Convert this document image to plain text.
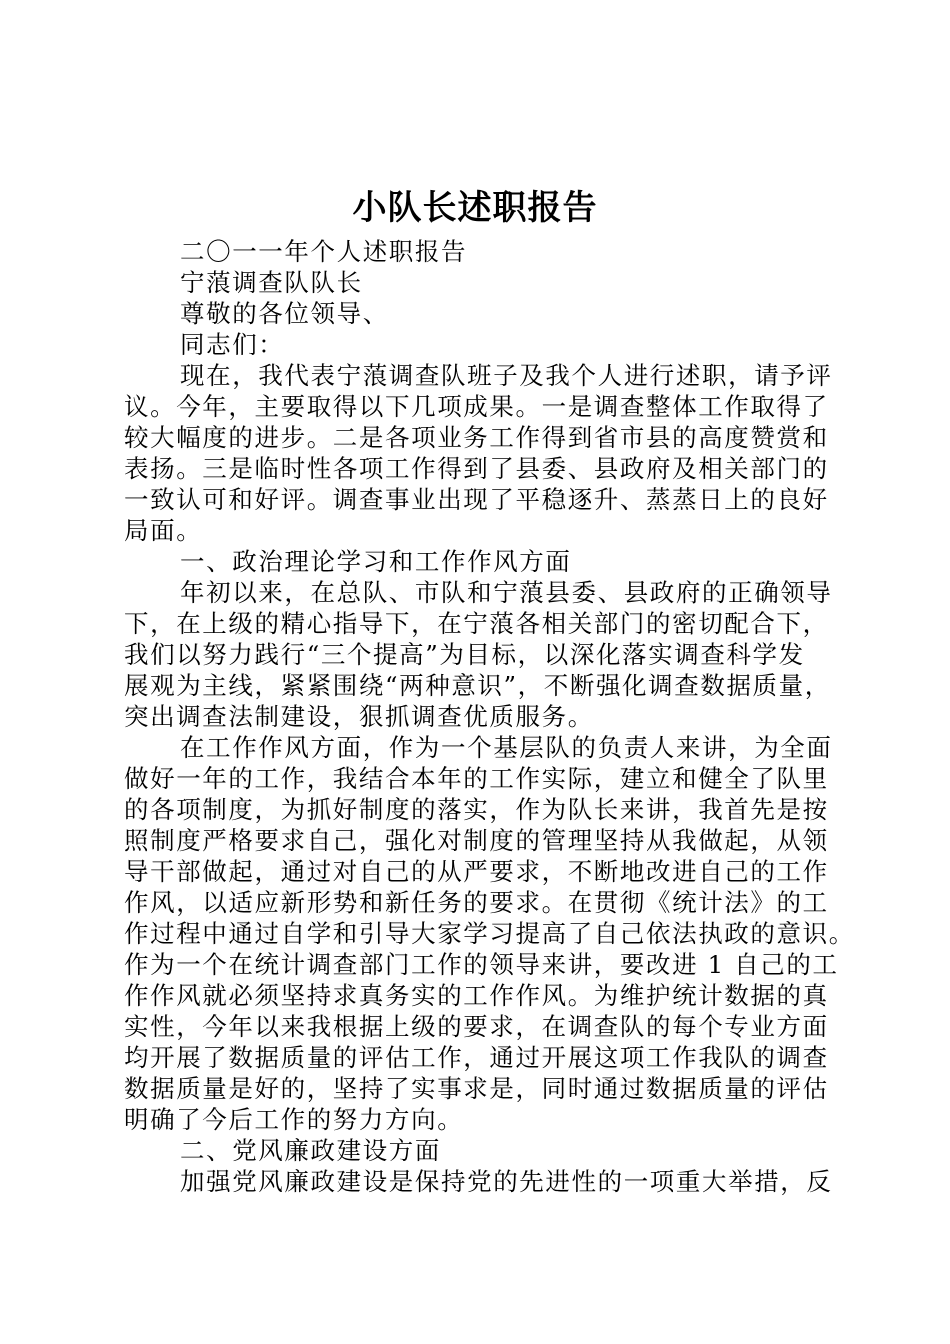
小队长述职报告
二〇一一年个人述职报告
宁蒗调查队队长
尊敬的各位领导、
同志们：
现在，我代表宁蒗调查队班子及我个人进行述职，请予评
议。今年，主要取得以下几项成果。一是调查整体工作取得了
较大幅度的进步。二是各项业务工作得到省市县的高度赞赏和
表扬。三是临时性各项工作得到了县委、县政府及相关部门的
一致认可和好评。调查事业出现了平稳逐升、蒸蒸日上的良好
局面。
一、政治理论学习和工作作风方面
年初以来，在总队、市队和宁蒗县委、县政府的正确领导
下，在上级的精心指导下，在宁蒗各相关部门的密切配合下，
我们以努力践行“三个提高”为目标，以深化落实调查科学发
展观为主线，紧紧围绕“两种意识”，不断强化调查数据质量，
突出调查法制建设，狠抓调查优质服务。
在工作作风方面，作为一个基层队的负责人来讲，为全面
做好一年的工作，我结合本年的工作实际，建立和健全了队里
的各项制度，为抓好制度的落实，作为队长来讲，我首先是按
照制度严格要求自己，强化对制度的管理坚持从我做起，从领
导干部做起，通过对自己的从严要求，不断地改进自己的工作
作风，以适应新形势和新任务的要求。在贯彻《统计法》的工
作过程中通过自学和引导大家学习提高了自己依法执政的意识。
作为一个在统计调查部门工作的领导来讲，要改进 1 自己的工
作作风就必须坚持求真务实的工作作风。为维护统计数据的真
实性，今年以来我根据上级的要求，在调查队的每个专业方面
均开展了数据质量的评估工作，通过开展这项工作我队的调查
数据质量是好的，坚持了实事求是，同时通过数据质量的评估
明确了今后工作的努力方向。
二、党风廉政建设方面
加强党风廉政建设是保持党的先进性的一项重大举措，反
